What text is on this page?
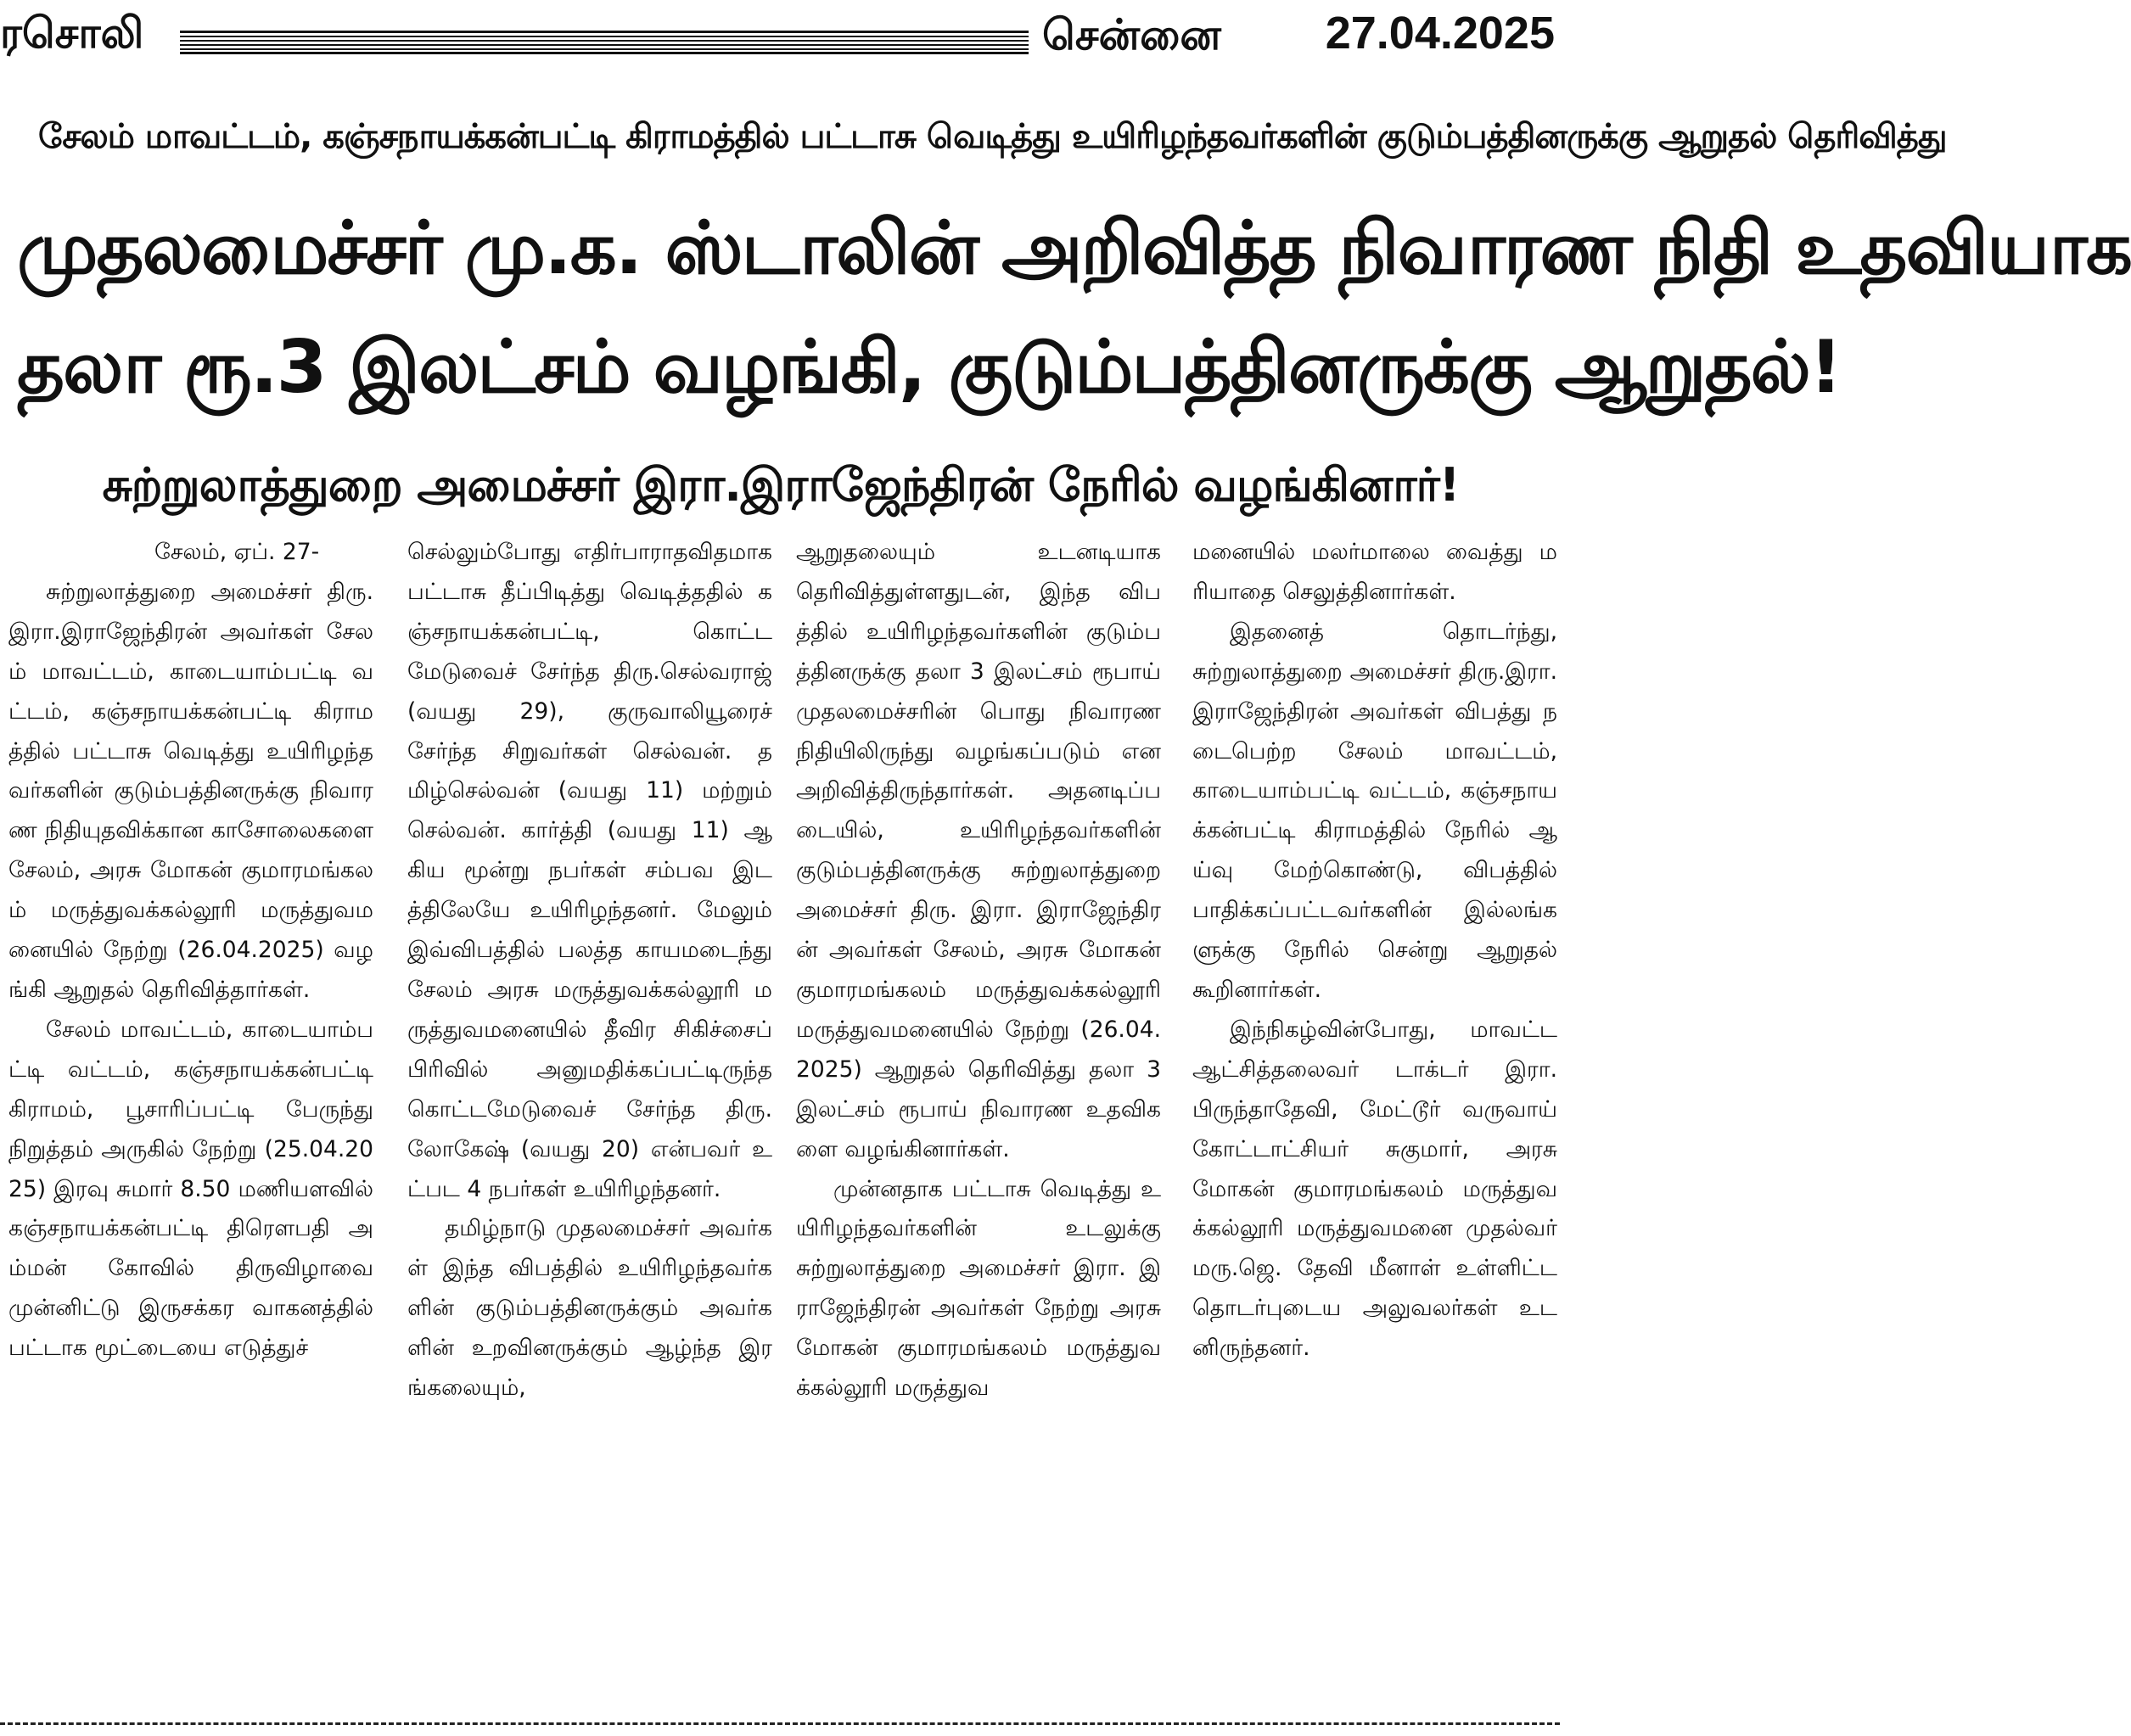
ரசொலி	சென்னை 27.04.2025
சேலம் மாவட்டம், கஞ்சநாயக்கன்பட்டி கிராமத்தில் பட்டாசு வெடித்து உயிரிழந்தவர்களின் குடும்பத்தினருக்கு ஆறுதல் தெரிவித்து
முதலமைச்சர் மு.க. ஸ்டாலின் அறிவித்த நிவாரண நிதி உதவியாக
தலா ரூ.3 இலட்சம் வழங்கி, குடும்பத்தினருக்கு ஆறுதல்!
சுற்றுலாத்துறை அமைச்சர் இரா.இராஜேந்திரன் நேரில் வழங்கினார்!

சேலம், ஏப். 27-

சுற்றுலாத்துறை அமைச்சர் திரு.இரா.இராஜேந்திரன் அவர்கள் சேலம் மாவட்டம், காடையாம்பட்டி வட்டம், கஞ்சநாயக்கன்பட்டி கிராமத்தில் பட்டாசு வெடித்து உயிரிழந்தவர்களின் குடும்பத்தினருக்கு நிவாரண நிதியுதவிக்கான காசோலைகளை சேலம், அரசு மோகன் குமாரமங்கலம் மருத்துவக்கல்லூரி மருத்துவமனையில் நேற்று (26.04.2025) வழங்கி ஆறுதல் தெரிவித்தார்கள்.

சேலம் மாவட்டம், காடையாம்பட்டி வட்டம், கஞ்சநாயக்கன்பட்டி கிராமம், பூசாரிப்பட்டி பேருந்து நிறுத்தம் அருகில் நேற்று (25.04.2025) இரவு சுமார் 8.50 மணியளவில் கஞ்சநாயக்கன்பட்டி திரௌபதி அம்மன் கோவில் திருவிழாவை முன்னிட்டு இருசக்கர வாகனத்தில் பட்டாக மூட்டையை எடுத்துச்

செல்லும்போது எதிர்பாராதவிதமாக பட்டாசு தீப்பிடித்து வெடித்ததில் கஞ்சநாயக்கன்பட்டி, கொட்டமேடுவைச் சேர்ந்த திரு.செல்வராஜ் (வயது 29), குருவாலியூரைச் சேர்ந்த சிறுவர்கள் செல்வன். தமிழ்செல்வன் (வயது 11) மற்றும் செல்வன். கார்த்தி (வயது 11) ஆகிய மூன்று நபர்கள் சம்பவ இடத்திலேயே உயிரிழந்தனர். மேலும் இவ்விபத்தில் பலத்த காயமடைந்து சேலம் அரசு மருத்துவக்கல்லூரி மருத்துவமனையில் தீவிர சிகிச்சைப் பிரிவில் அனுமதிக்கப்பட்டிருந்த கொட்டமேடுவைச் சேர்ந்த திரு. லோகேஷ் (வயது 20) என்பவர் உட்பட 4 நபர்கள் உயிரிழந்தனர்.

தமிழ்நாடு முதலமைச்சர் அவர்கள் இந்த விபத்தில் உயிரிழந்தவர்களின் குடும்பத்தினருக்கும் அவர்களின் உறவினருக்கும் ஆழ்ந்த இரங்கலையும்,

ஆறுதலையும் உடனடியாக தெரிவித்துள்ளதுடன், இந்த விபத்தில் உயிரிழந்தவர்களின் குடும்பத்தினருக்கு தலா 3 இலட்சம் ரூபாய் முதலமைச்சரின் பொது நிவாரண நிதியிலிருந்து வழங்கப்படும் என அறிவித்திருந்தார்கள். அதனடிப்படையில், உயிரிழந்தவர்களின் குடும்பத்தினருக்கு சுற்றுலாத்துறை அமைச்சர் திரு. இரா. இராஜேந்திரன் அவர்கள் சேலம், அரசு மோகன் குமாரமங்கலம் மருத்துவக்கல்லூரி மருத்துவமனையில் நேற்று (26.04.2025) ஆறுதல் தெரிவித்து தலா 3 இலட்சம் ரூபாய் நிவாரண உதவிகளை வழங்கினார்கள்.

முன்னதாக பட்டாசு வெடித்து உயிரிழந்தவர்களின் உடலுக்கு சுற்றுலாத்துறை அமைச்சர் இரா. இராஜேந்திரன் அவர்கள் நேற்று அரசு மோகன் குமாரமங்கலம் மருத்துவக்கல்லூரி மருத்துவ

மனையில் மலர்மாலை வைத்து மரியாதை செலுத்தினார்கள்.

இதனைத் தொடர்ந்து, சுற்றுலாத்துறை அமைச்சர் திரு.இரா.இராஜேந்திரன் அவர்கள் விபத்து நடைபெற்ற சேலம் மாவட்டம், காடையாம்பட்டி வட்டம், கஞ்சநாயக்கன்பட்டி கிராமத்தில் நேரில் ஆய்வு மேற்கொண்டு, விபத்தில் பாதிக்கப்பட்டவர்களின் இல்லங்களுக்கு நேரில் சென்று ஆறுதல் கூறினார்கள்.

இந்நிகழ்வின்போது, மாவட்ட ஆட்சித்தலைவர் டாக்டர் இரா.பிருந்தாதேவி, மேட்டூர் வருவாய் கோட்டாட்சியர் சுகுமார், அரசு மோகன் குமாரமங்கலம் மருத்துவக்கல்லூரி மருத்துவமனை முதல்வர் மரு.ஜெ. தேவி மீனாள் உள்ளிட்ட தொடர்புடைய அலுவலர்கள் உடனிருந்தனர்.
